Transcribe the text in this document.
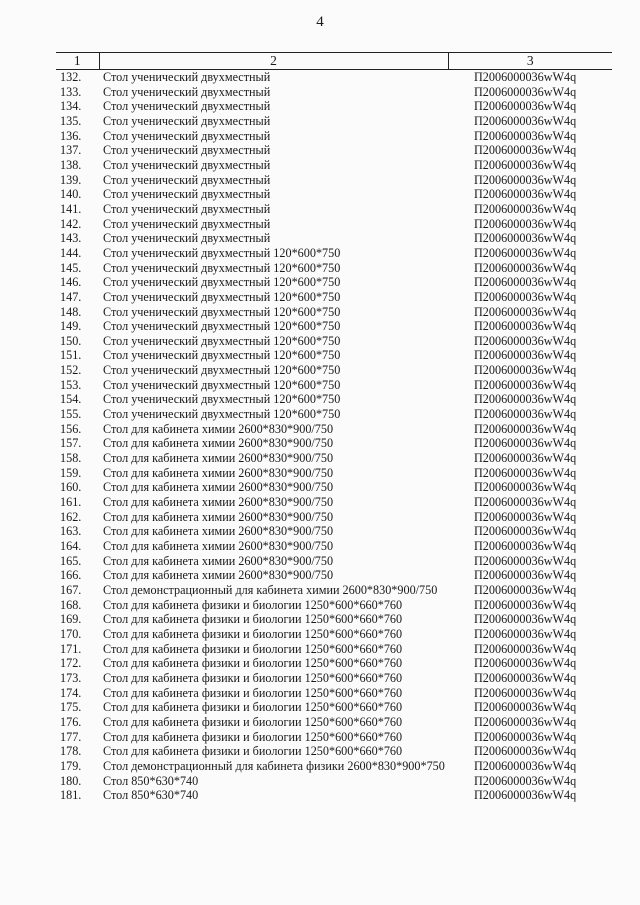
4
1	2	3
132.	Стол ученический двухместный	П2006000036wW4q
133.	Стол ученический двухместный	П2006000036wW4q
134.	Стол ученический двухместный	П2006000036wW4q
135.	Стол ученический двухместный	П2006000036wW4q
136.	Стол ученический двухместный	П2006000036wW4q
137.	Стол ученический двухместный	П2006000036wW4q
138.	Стол ученический двухместный	П2006000036wW4q
139.	Стол ученический двухместный	П2006000036wW4q
140.	Стол ученический двухместный	П2006000036wW4q
141.	Стол ученический двухместный	П2006000036wW4q
142.	Стол ученический двухместный	П2006000036wW4q
143.	Стол ученический двухместный	П2006000036wW4q
144.	Стол ученический двухместный 120*600*750	П2006000036wW4q
145.	Стол ученический двухместный 120*600*750	П2006000036wW4q
146.	Стол ученический двухместный 120*600*750	П2006000036wW4q
147.	Стол ученический двухместный 120*600*750	П2006000036wW4q
148.	Стол ученический двухместный 120*600*750	П2006000036wW4q
149.	Стол ученический двухместный 120*600*750	П2006000036wW4q
150.	Стол ученический двухместный 120*600*750	П2006000036wW4q
151.	Стол ученический двухместный 120*600*750	П2006000036wW4q
152.	Стол ученический двухместный 120*600*750	П2006000036wW4q
153.	Стол ученический двухместный 120*600*750	П2006000036wW4q
154.	Стол ученический двухместный 120*600*750	П2006000036wW4q
155.	Стол ученический двухместный 120*600*750	П2006000036wW4q
156.	Стол для кабинета химии 2600*830*900/750	П2006000036wW4q
157.	Стол для кабинета химии 2600*830*900/750	П2006000036wW4q
158.	Стол для кабинета химии 2600*830*900/750	П2006000036wW4q
159.	Стол для кабинета химии 2600*830*900/750	П2006000036wW4q
160.	Стол для кабинета химии 2600*830*900/750	П2006000036wW4q
161.	Стол для кабинета химии 2600*830*900/750	П2006000036wW4q
162.	Стол для кабинета химии 2600*830*900/750	П2006000036wW4q
163.	Стол для кабинета химии 2600*830*900/750	П2006000036wW4q
164.	Стол для кабинета химии 2600*830*900/750	П2006000036wW4q
165.	Стол для кабинета химии 2600*830*900/750	П2006000036wW4q
166.	Стол для кабинета химии 2600*830*900/750	П2006000036wW4q
167.	Стол демонстрационный для кабинета химии 2600*830*900/750	П2006000036wW4q
168.	Стол для кабинета физики и биологии 1250*600*660*760	П2006000036wW4q
169.	Стол для кабинета физики и биологии 1250*600*660*760	П2006000036wW4q
170.	Стол для кабинета физики и биологии 1250*600*660*760	П2006000036wW4q
171.	Стол для кабинета физики и биологии 1250*600*660*760	П2006000036wW4q
172.	Стол для кабинета физики и биологии 1250*600*660*760	П2006000036wW4q
173.	Стол для кабинета физики и биологии 1250*600*660*760	П2006000036wW4q
174.	Стол для кабинета физики и биологии 1250*600*660*760	П2006000036wW4q
175.	Стол для кабинета физики и биологии 1250*600*660*760	П2006000036wW4q
176.	Стол для кабинета физики и биологии 1250*600*660*760	П2006000036wW4q
177.	Стол для кабинета физики и биологии 1250*600*660*760	П2006000036wW4q
178.	Стол для кабинета физики и биологии 1250*600*660*760	П2006000036wW4q
179.	Стол демонстрационный для кабинета физики 2600*830*900*750	П2006000036wW4q
180.	Стол 850*630*740	П2006000036wW4q
181.	Стол 850*630*740	П2006000036wW4q
